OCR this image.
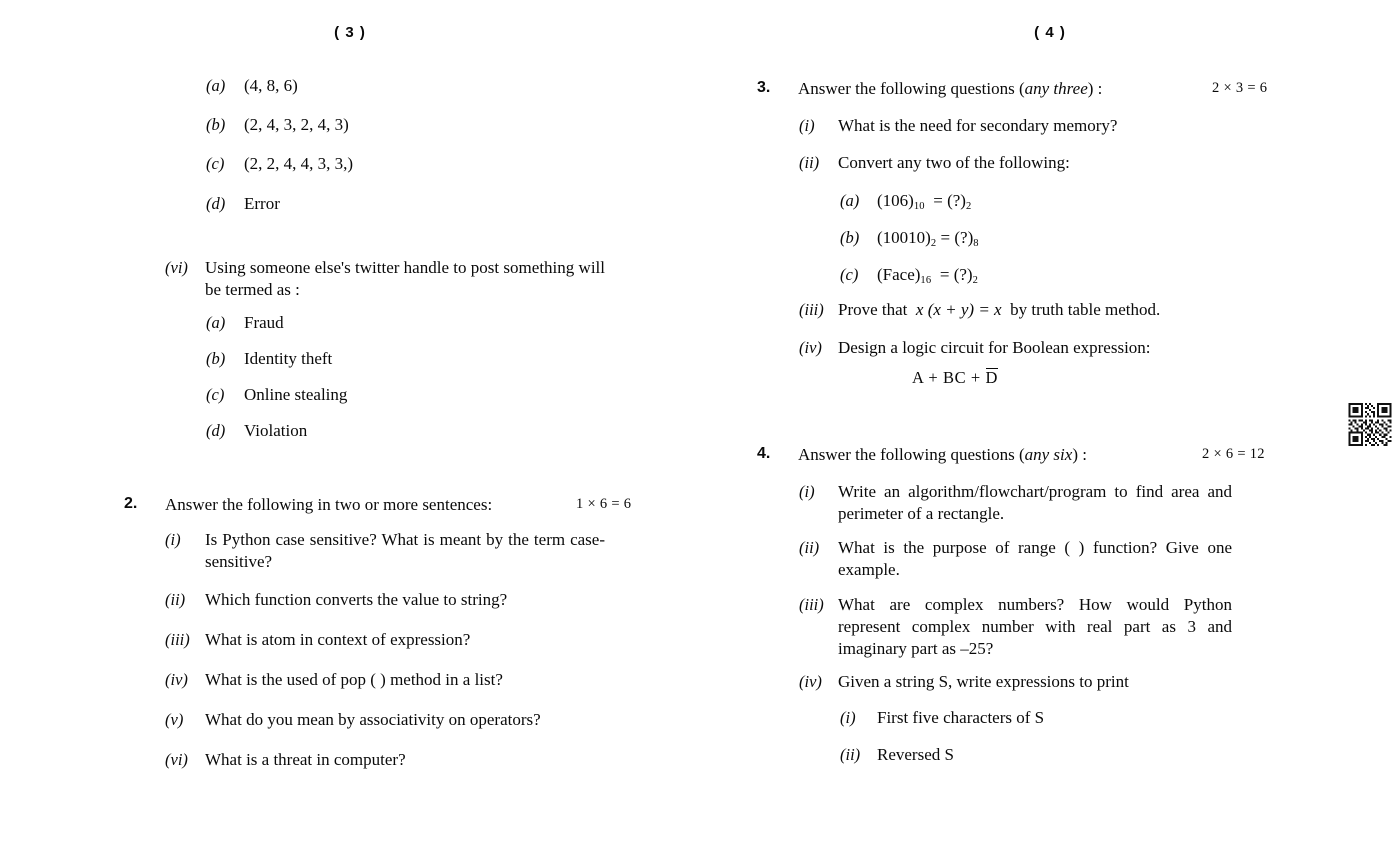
( 3 )
(a)	(4, 8, 6)
(b)	(2, 4, 3, 2, 4, 3)
(c)	(2, 2, 4, 4, 3, 3,)
(d)	Error
(vi)	Using someone else's twitter handle to post something will be termed as :
(a)	Fraud
(b)	Identity theft
(c)	Online stealing
(d)	Violation
2.	Answer the following in two or more sentences:	1 × 6 = 6
(i)	Is Python case sensitive? What is meant by the term case-sensitive?
(ii)	Which function converts the value to string?
(iii) What is atom in context of expression?
(iv)	What is the used of pop ( ) method in a list?
(v)	What do you mean by associativity on operators?
(vi)	What is a threat in computer?
( 4 )
3.	Answer the following questions (any three) :	2 × 3 = 6
(i)	What is the need for secondary memory?
(ii)	Convert any two of the following:
(a)	$(106)_{10}$ = $(?)_2$
(b)	$(10010)_2$ = $(?)_8$
(c)	$(Face)_{16}$ = $(?)_2$
(iii) Prove that x (x + y) = x by truth table method.
(iv) Design a logic circuit for Boolean expression:
A + BC + D
4.	Answer the following questions (any six) :	2 × 6 = 12
(i)	Write an algorithm/flowchart/program to find area and perimeter of a rectangle.
(ii)	What is the purpose of range ( ) function? Give one example.
(iii) What are complex numbers? How would Python represent complex number with real part as 3 and imaginary part as –25?
(iv) Given a string S, write expressions to print
(i)	First five characters of S
(ii) Reversed S
